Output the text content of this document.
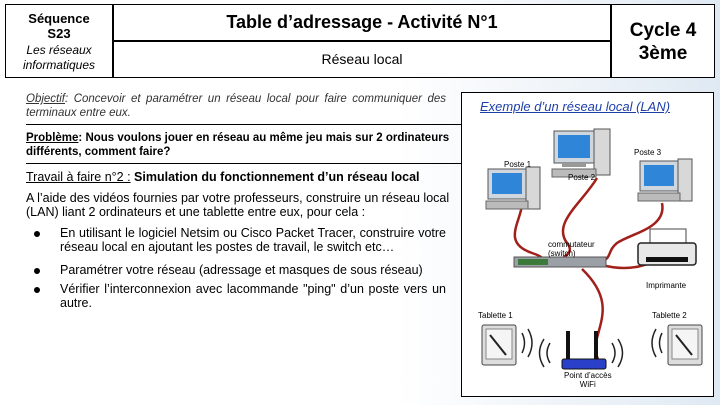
Séquence
S23
Les réseaux
informatiques
Table d’adressage - Activité N°1
Réseau local
Cycle 4
3ème
Objectif: Concevoir et paramétrer un réseau local pour faire communiquer des terminaux entre eux.
Problème: Nous voulons jouer en réseau au même jeu mais sur 2 ordinateurs différents, comment faire?
Travail à faire n°2 : Simulation du fonctionnement d’un réseau local
A l’aide des vidéos fournies par votre professeurs, construire un réseau local (LAN) liant 2 ordinateurs et une tablette entre eux, pour cela :
En utilisant le logiciel Netsim ou Cisco Packet Tracer, construire votre réseau local en ajoutant les postes de travail, le switch etc…
Paramétrer votre réseau (adressage et masques de sous réseau)
Vérifier l’interconnexion avec lacommande "ping" d’un poste vers un autre.
Exemple d’un réseau local (LAN)
Poste 1
Poste 2
Poste 3
commutateur
(switch)
Imprimante
Tablette 1	Tablette 2
Point d’accès
WiFi
